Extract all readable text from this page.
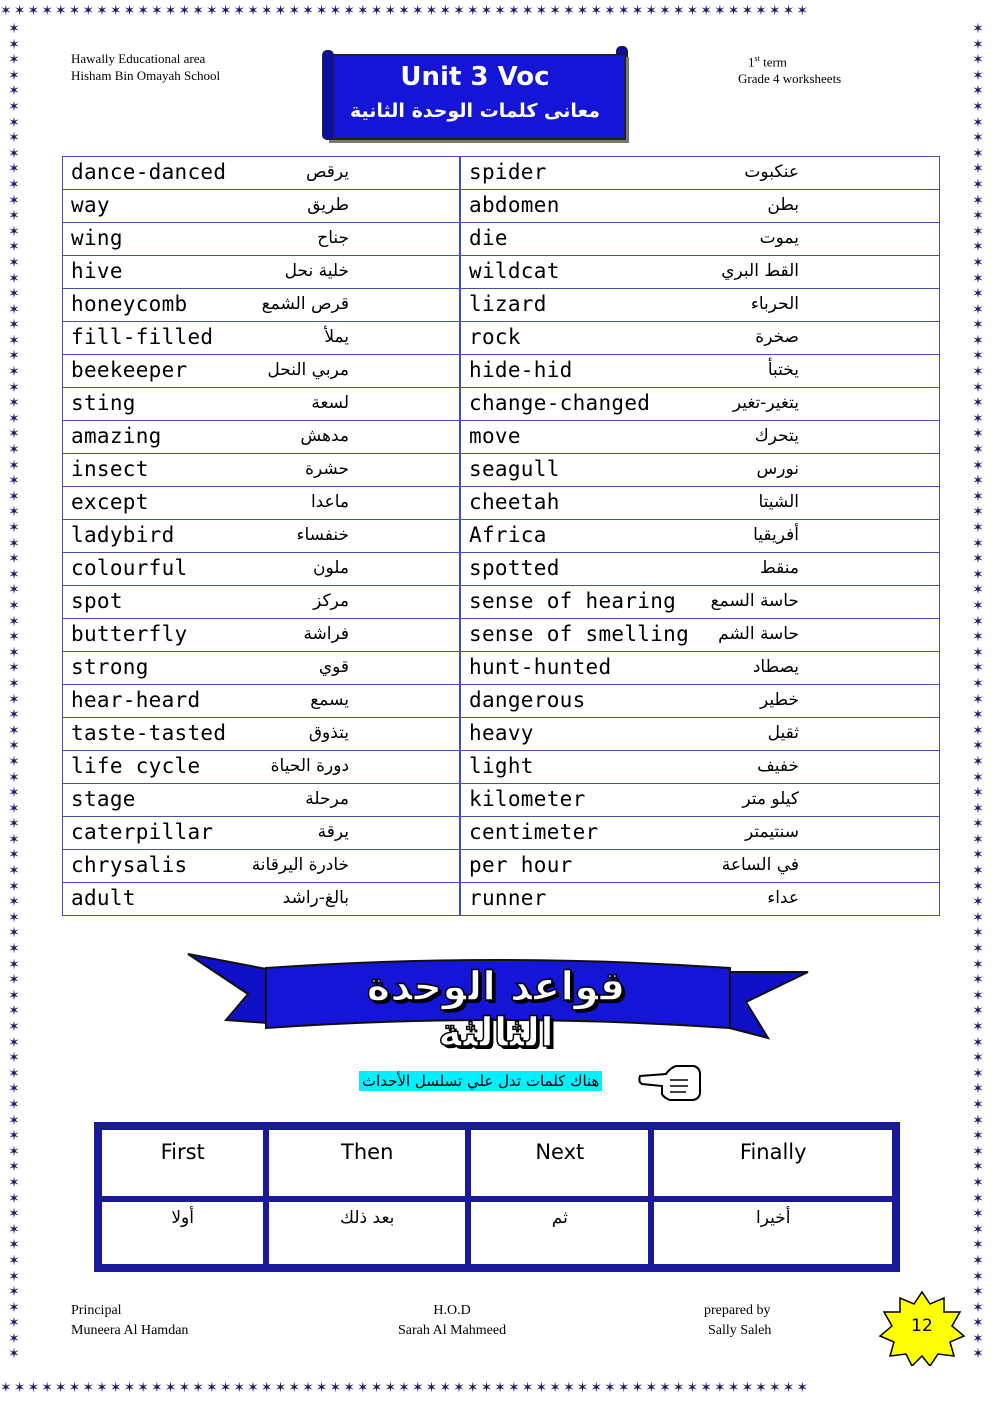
✶✶✶✶✶✶✶✶✶✶✶✶✶✶✶✶✶✶✶✶✶✶✶✶✶✶✶✶✶✶✶✶✶✶✶✶✶✶✶✶✶✶✶✶✶✶✶✶✶✶✶✶✶✶✶✶✶✶✶
✶✶✶✶✶✶✶✶✶✶✶✶✶✶✶✶✶✶✶✶✶✶✶✶✶✶✶✶✶✶✶✶✶✶✶✶✶✶✶✶✶✶✶✶✶✶✶✶✶✶✶✶✶✶✶✶✶✶✶
✶ ✶ ✶ ✶ ✶ ✶ ✶ ✶ ✶ ✶ ✶ ✶ ✶ ✶ ✶ ✶ ✶ ✶ ✶ ✶ ✶ ✶ ✶ ✶ ✶ ✶ ✶ ✶ ✶ ✶ ✶ ✶ ✶ ✶ ✶ ✶ ✶ ✶ ✶ ✶ ✶ ✶ ✶ ✶ ✶ ✶ ✶ ✶ ✶ ✶ ✶ ✶ ✶ ✶ ✶ ✶ ✶ ✶ ✶ ✶ ✶ ✶ ✶ ✶ ✶ ✶ ✶ ✶ ✶ ✶ ✶ ✶ ✶ ✶ ✶ ✶ ✶ ✶ ✶ ✶ ✶ ✶ ✶ ✶ ✶ ✶
✶ ✶ ✶ ✶ ✶ ✶ ✶ ✶ ✶ ✶ ✶ ✶ ✶ ✶ ✶ ✶ ✶ ✶ ✶ ✶ ✶ ✶ ✶ ✶ ✶ ✶ ✶ ✶ ✶ ✶ ✶ ✶ ✶ ✶ ✶ ✶ ✶ ✶ ✶ ✶ ✶ ✶ ✶ ✶ ✶ ✶ ✶ ✶ ✶ ✶ ✶ ✶ ✶ ✶ ✶ ✶ ✶ ✶ ✶ ✶ ✶ ✶ ✶ ✶ ✶ ✶ ✶ ✶ ✶ ✶ ✶ ✶ ✶ ✶ ✶ ✶ ✶ ✶ ✶ ✶ ✶ ✶ ✶ ✶ ✶ ✶
Hawally Educational area
Hisham Bin Omayah School
1st term
Grade 4 worksheets
Unit 3 Voc
معانى كلمات الوحدة الثانية
dance-danced يرقص	spider عنكبوت

way طريق	abdomen بطن

wing جناح	die يموت

hive خلية نحل	wildcat القط البري

honeycomb قرص الشمع	lizard الحرباء

fill-filled يملأ	rock صخرة

beekeeper مربي النحل	hide-hid يختبأ

sting لسعة	change-changed يتغير-تغير

amazing مدهش	move يتحرك

insect حشرة	seagull نورس

except ماعدا	cheetah الشيتا

ladybird خنفساء	Africa أفريقيا

colourful ملون	spotted منقط

spot مركز	sense of hearing حاسة السمع

butterfly فراشة	sense of smelling حاسة الشم

strong قوي	hunt-hunted يصطاد

hear-heard يسمع	dangerous خطير

taste-tasted يتذوق	heavy ثقيل

life cycle دورة الحياة	light خفيف

stage مرحلة	kilometer كيلو متر

caterpillar يرقة	centimeter سنتيمتر

chrysalis خادرة اليرقانة	per hour في الساعة

adult بالغ-راشد	runner عداء
قواعد الوحدة الثالثة
هناك كلمات تدل علي تسلسل الأحداث
First	Then	Next	Finally
أولا	بعد ذلك	ثم	أخيرا
Principal
Muneera Al Hamdan
H.O.D
Sarah Al Mahmeed
prepared by
Sally Saleh	12
